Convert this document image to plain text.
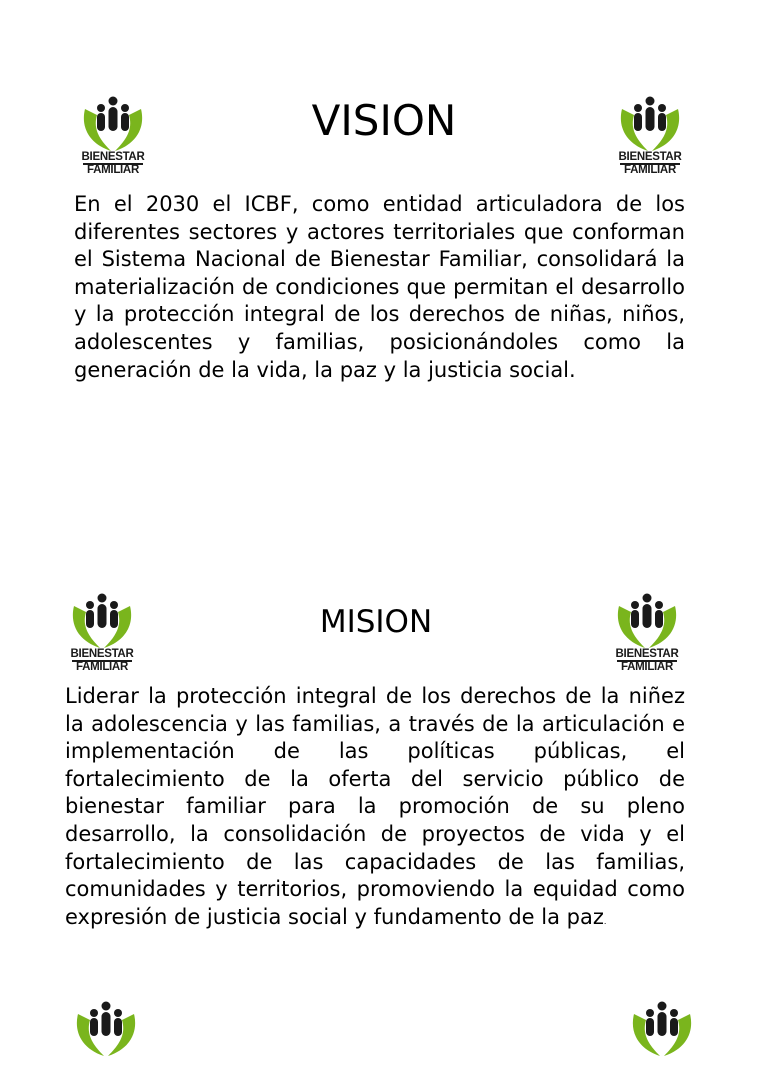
BIENESTAR
FAMILIAR
BIENESTAR
FAMILIAR
VISION

En el 2030 el ICBF, como entidad articuladora de los diferentes sectores y actores territoriales que conforman el Sistema Nacional de Bienestar Familiar, consolidará la materialización de condiciones que permitan el desarrollo y la protección integral de los derechos de niñas, niños, adolescentes y familias, posicionándoles como la generación de la vida, la paz y la justicia social.

BIENESTAR
FAMILIAR
BIENESTAR
FAMILIAR
MISION

Liderar la protección integral de los derechos de la niñez la adolescencia y las familias, a través de la articulación e implementación de las políticas públicas, el fortalecimiento de la oferta del servicio público de bienestar familiar para la promoción de su pleno desarrollo, la consolidación de proyectos de vida y el fortalecimiento de las capacidades de las familias, comunidades y territorios, promoviendo la equidad como expresión de justicia social y fundamento de la paz.
